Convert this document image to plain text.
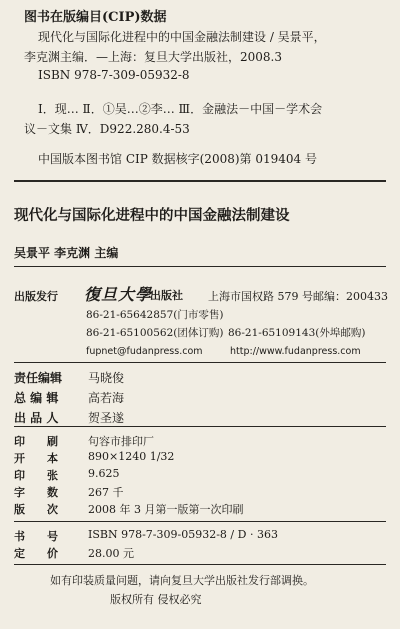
图书在版编目(CIP)数据
现代化与国际化进程中的中国金融法制建设 / 吴景平，
李克渊主编．—上海：复旦大学出版社，2008.3
ISBN 978-7-309-05932-8
Ⅰ．现… Ⅱ．①吴…②李… Ⅲ．金融法－中国－学术会
议－文集 Ⅳ．D922.280.4-53
中国版本图书馆 CIP 数据核字(2008)第 019404 号
现代化与国际化进程中的中国金融法制建设
吴景平 李克渊 主编
出版发行 復旦大學
出版社 上海市国权路 579 号 邮编：200433
86-21-65642857(门市零售)
86-21-65100562(团体订购) 86-21-65109143(外埠邮购)
fupnet@fudanpress.com	http://www.fudanpress.com
责任编辑 马晓俊
总 编 辑 高若海
出 品 人 贺圣遂
印　　刷	句容市排印厂
开　　本	890×1240 1/32
印　　张	9.625
字　　数	267 千
版　　次	2008 年 3 月第一版第一次印刷
书　　号	ISBN 978-7-309-05932-8 / D · 363
定　　价	28.00 元
如有印装质量问题，请向复旦大学出版社发行部调换。
版权所有 侵权必究
